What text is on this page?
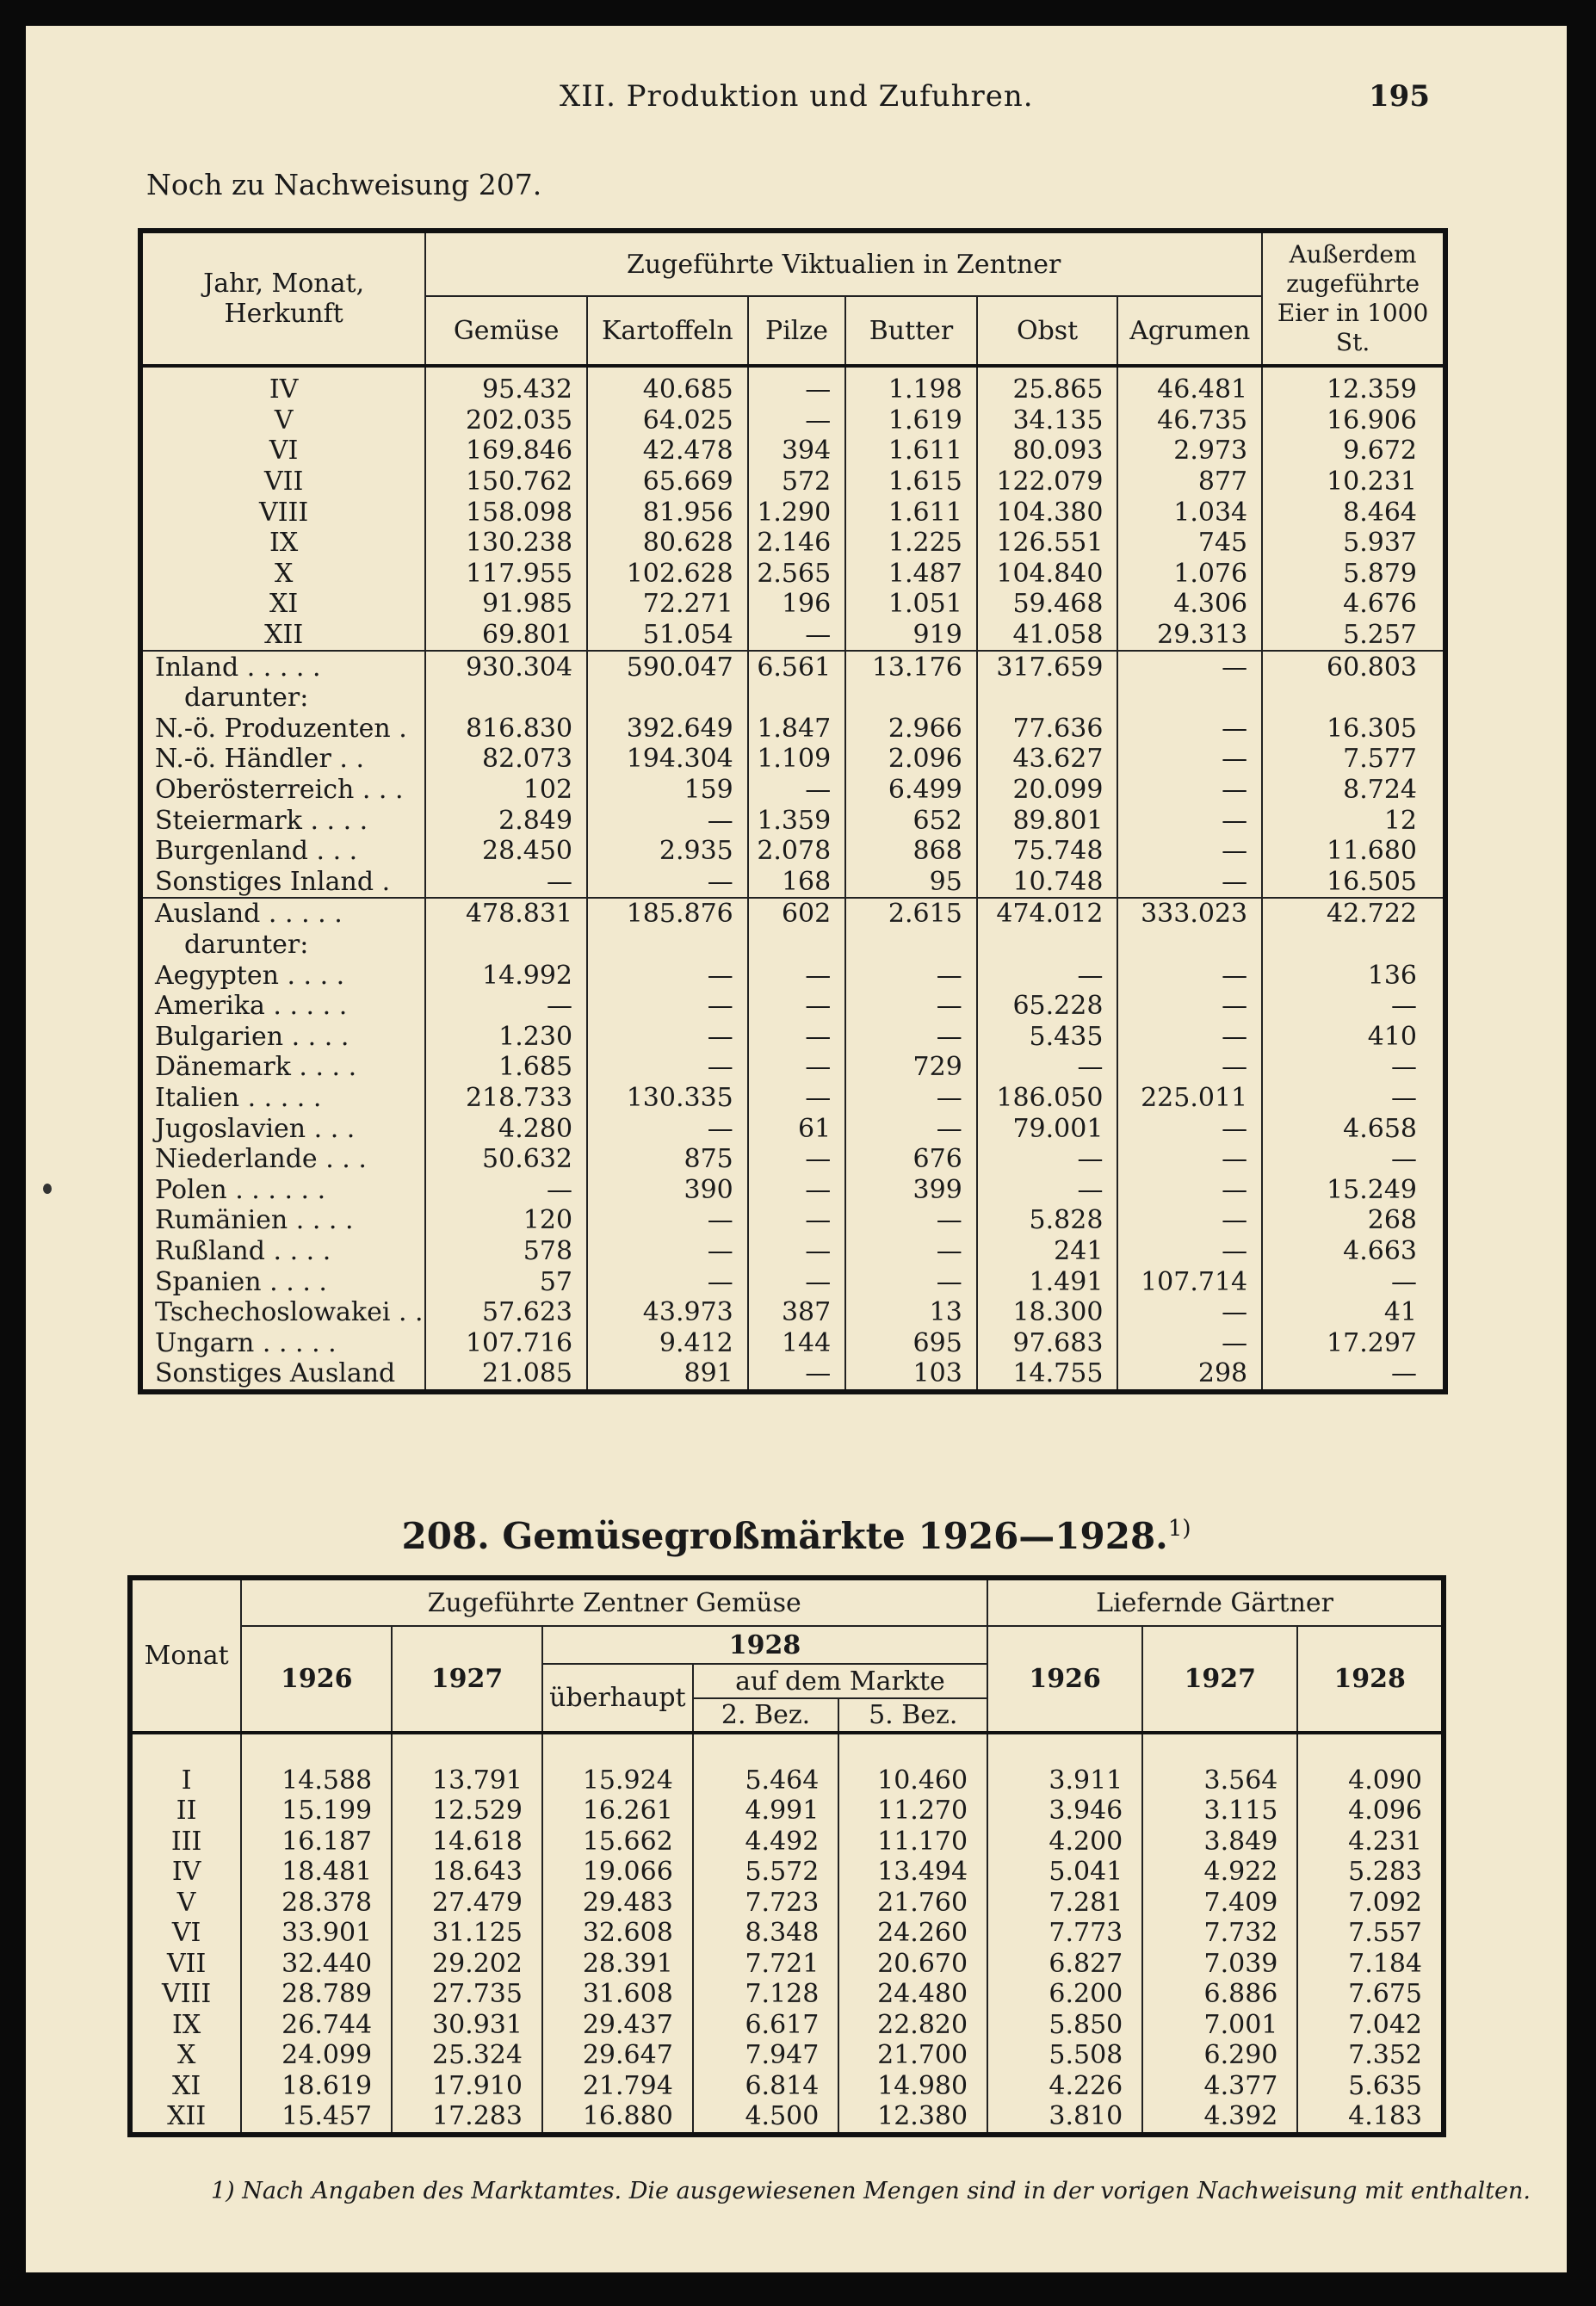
XII. Produktion und Zufuhren.	195
Noch zu Nachweisung 207.
Jahr, Monat, Herkunft	Zugeführte Viktualien in Zentner						Außerdem zugeführte Eier in 1000 St.
	Gemüse	Kartoffeln	Pilze	Butter	Obst	Agrumen	

IV	95.432	40.685	—	1.198	25.865	46.481	12.359
V	202.035	64.025	—	1.619	34.135	46.735	16.906
VI	169.846	42.478	394	1.611	80.093	2.973	9.672
VII	150.762	65.669	572	1.615	122.079	877	10.231
VIII	158.098	81.956	1.290	1.611	104.380	1.034	8.464
IX	130.238	80.628	2.146	1.225	126.551	745	5.937
X	117.955	102.628	2.565	1.487	104.840	1.076	5.879
XI	91.985	72.271	196	1.051	59.468	4.306	4.676
XII	69.801	51.054	—	919	41.058	29.313	5.257
Inland . . . . .	930.304	590.047	6.561	13.176	317.659	—	60.803
darunter:							
N.-ö. Produzenten .	816.830	392.649	1.847	2.966	77.636	—	16.305
N.-ö. Händler . .	82.073	194.304	1.109	2.096	43.627	—	7.577
Oberösterreich . . .	102	159	—	6.499	20.099	—	8.724
Steiermark . . . .	2.849	—	1.359	652	89.801	—	12
Burgenland . . .	28.450	2.935	2.078	868	75.748	—	11.680
Sonstiges Inland .	—	—	168	95	10.748	—	16.505
Ausland . . . . .	478.831	185.876	602	2.615	474.012	333.023	42.722
darunter:							
Aegypten . . . .	14.992	—	—	—	—	—	136
Amerika . . . . .	—	—	—	—	65.228	—	—
Bulgarien . . . .	1.230	—	—	—	5.435	—	410
Dänemark . . . .	1.685	—	—	729	—	—	—
Italien . . . . .	218.733	130.335	—	—	186.050	225.011	—
Jugoslavien . . .	4.280	—	61	—	79.001	—	4.658
Niederlande . . .	50.632	875	—	676	—	—	—
Polen . . . . . .	—	390	—	399	—	—	15.249
Rumänien . . . .	120	—	—	—	5.828	—	268
Rußland . . . .	578	—	—	—	241	—	4.663
Spanien . . . .	57	—	—	—	1.491	107.714	—
Tschechoslowakei . .	57.623	43.973	387	13	18.300	—	41
Ungarn . . . . .	107.716	9.412	144	695	97.683	—	17.297
Sonstiges Ausland	21.085	891	—	103	14.755	298	—
208. Gemüsegroßmärkte 1926—1928.$^{1)}$
Monat	Zugeführte Zentner Gemüse					Liefernde Gärtner		
	1926	1927	1928			1926	1927	1928
			überhaupt	auf dem Markte				
				2. Bez.	5. Bez.			

I	14.588	13.791	15.924	5.464	10.460	3.911	3.564	4.090
II	15.199	12.529	16.261	4.991	11.270	3.946	3.115	4.096
III	16.187	14.618	15.662	4.492	11.170	4.200	3.849	4.231
IV	18.481	18.643	19.066	5.572	13.494	5.041	4.922	5.283
V	28.378	27.479	29.483	7.723	21.760	7.281	7.409	7.092
VI	33.901	31.125	32.608	8.348	24.260	7.773	7.732	7.557
VII	32.440	29.202	28.391	7.721	20.670	6.827	7.039	7.184
VIII	28.789	27.735	31.608	7.128	24.480	6.200	6.886	7.675
IX	26.744	30.931	29.437	6.617	22.820	5.850	7.001	7.042
X	24.099	25.324	29.647	7.947	21.700	5.508	6.290	7.352
XI	18.619	17.910	21.794	6.814	14.980	4.226	4.377	5.635
XII	15.457	17.283	16.880	4.500	12.380	3.810	4.392	4.183
1) Nach Angaben des Marktamtes. Die ausgewiesenen Mengen sind in der vorigen Nachweisung mit enthalten.
